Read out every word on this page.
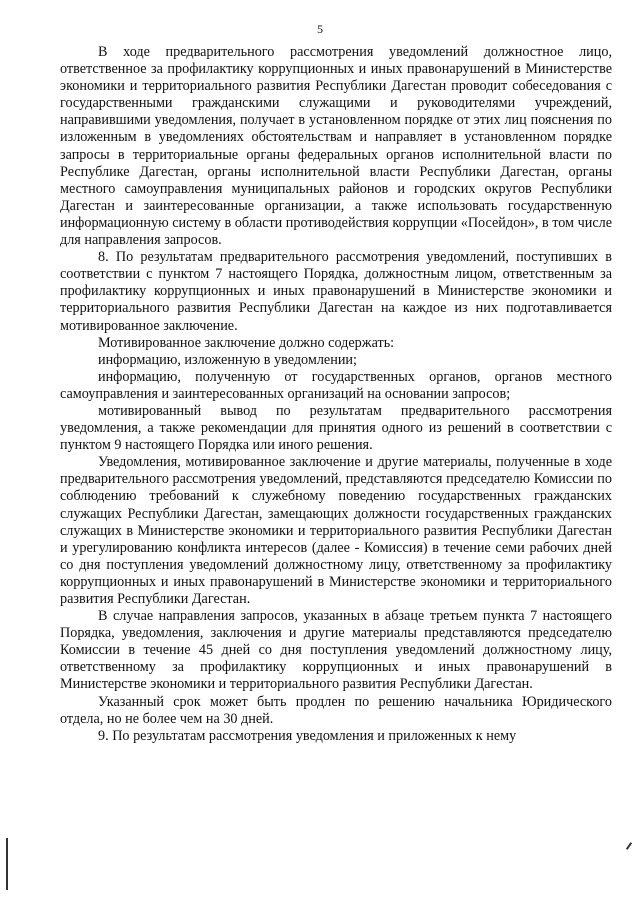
5

В ходе предварительного рассмотрения уведомлений должностное лицо, ответственное за профилактику коррупционных и иных правонарушений в Министерстве экономики и территориального развития Республики Дагестан проводит собеседования с государственными гражданскими служащими и руководителями учреждений, направившими уведомления, получает в установленном порядке от этих лиц пояснения по изложенным в уведомлениях обстоятельствам и направляет в установленном порядке запросы в территориальные органы федеральных органов исполнительной власти по Республике Дагестан, органы исполнительной власти Республики Дагестан, органы местного самоуправления муниципальных районов и городских округов Республики Дагестан и заинтересованные организации, а также использовать государственную информационную систему в области противодействия коррупции «Посейдон», в том числе для направления запросов.

8. По результатам предварительного рассмотрения уведомлений, поступивших в соответствии с пунктом 7 настоящего Порядка, должностным лицом, ответственным за профилактику коррупционных и иных правонарушений в Министерстве экономики и территориального развития Республики Дагестан на каждое из них подготавливается мотивированное заключение.

Мотивированное заключение должно содержать:

информацию, изложенную в уведомлении;

информацию, полученную от государственных органов, органов местного самоуправления и заинтересованных организаций на основании запросов;

мотивированный вывод по результатам предварительного рассмотрения уведомления, а также рекомендации для принятия одного из решений в соответствии с пунктом 9 настоящего Порядка или иного решения.

Уведомления, мотивированное заключение и другие материалы, полученные в ходе предварительного рассмотрения уведомлений, представляются председателю Комиссии по соблюдению требований к служебному поведению государственных гражданских служащих Республики Дагестан, замещающих должности государственных гражданских служащих в Министерстве экономики и территориального развития Республики Дагестан и урегулированию конфликта интересов (далее - Комиссия) в течение семи рабочих дней со дня поступления уведомлений должностному лицу, ответственному за профилактику коррупционных и иных правонарушений в Министерстве экономики и территориального развития Республики Дагестан.

В случае направления запросов, указанных в абзаце третьем пункта 7 настоящего Порядка, уведомления, заключения и другие материалы представляются председателю Комиссии в течение 45 дней со дня поступления уведомлений должностному лицу, ответственному за профилактику коррупционных и иных правонарушений в Министерстве экономики и территориального развития Республики Дагестан.

Указанный срок может быть продлен по решению начальника Юридического отдела, но не более чем на 30 дней.

9. По результатам рассмотрения уведомления и приложенных к нему
